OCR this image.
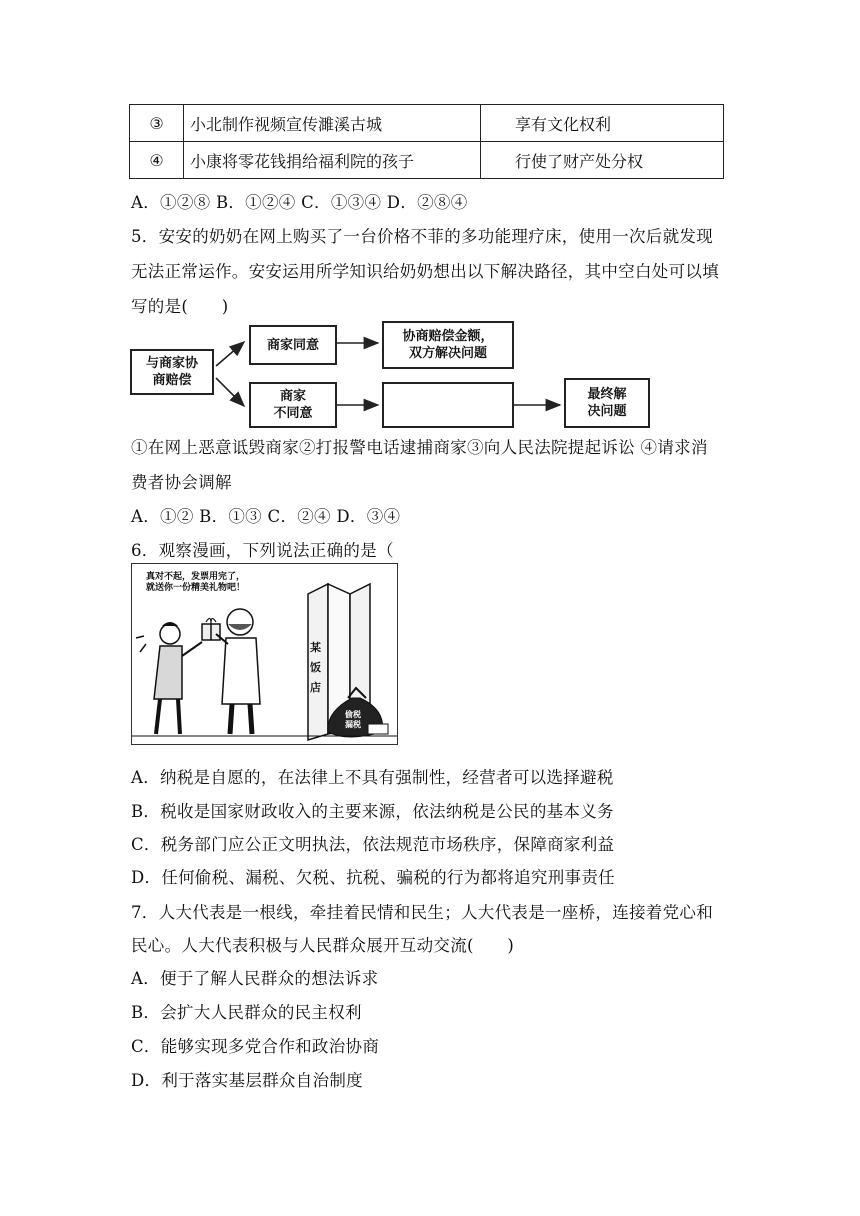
③	小北制作视频宣传濉溪古城	享有文化权利
④	小康将零花钱捐给福利院的孩子	行使了财产处分权
A．①②⑧ B．①②④ C．①③④ D．②⑧④
5．安安的奶奶在网上购买了一台价格不菲的多功能理疗床，使用一次后就发现
无法正常运作。安安运用所学知识给奶奶想出以下解决路径，其中空白处可以填
写的是(　　)
与商家协
商赔偿
商家同意
协商赔偿金额，
双方解决问题
商家
不同意
最终解
决问题
①在网上恶意诋毁商家②打报警电话逮捕商家③向人民法院提起诉讼 ④请求消
费者协会调解
A．①② B．①③ C．②④ D．③④
6．观察漫画，下列说法正确的是（
真对不起，发票用完了，
就送你一份精美礼物吧！
某饭店
偷税
漏税
A．纳税是自愿的，在法律上不具有强制性，经营者可以选择避税
B．税收是国家财政收入的主要来源，依法纳税是公民的基本义务
C．税务部门应公正文明执法，依法规范市场秩序，保障商家利益
D．任何偷税、漏税、欠税、抗税、骗税的行为都将追究刑事责任
7．人大代表是一根线，牵挂着民情和民生；人大代表是一座桥，连接着党心和
民心。人大代表积极与人民群众展开互动交流(　　)
A．便于了解人民群众的想法诉求
B．会扩大人民群众的民主权利
C．能够实现多党合作和政治协商
D．利于落实基层群众自治制度
